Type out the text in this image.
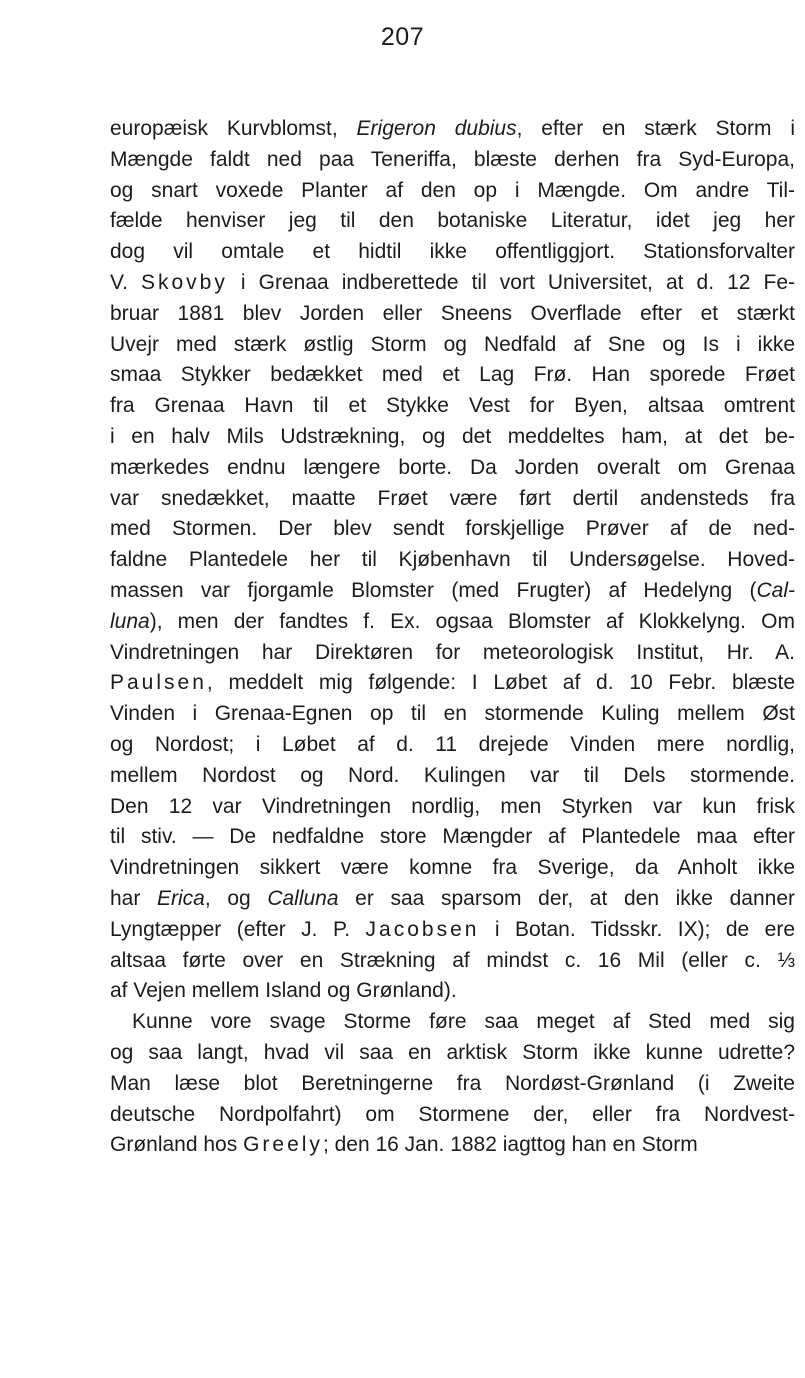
207
europæisk Kurvblomst, Erigeron dubius, efter en stærk Storm i
Mængde faldt ned paa Teneriffa, blæste derhen fra Syd-Europa,
og snart voxede Planter af den op i Mængde. Om andre Til-
fælde henviser jeg til den botaniske Literatur, idet jeg her
dog vil omtale et hidtil ikke offentliggjort. Stationsforvalter
V. Skovby i Grenaa indberettede til vort Universitet, at d. 12 Fe-
bruar 1881 blev Jorden eller Sneens Overflade efter et stærkt
Uvejr med stærk østlig Storm og Nedfald af Sne og Is i ikke
smaa Stykker bedækket med et Lag Frø. Han sporede Frøet
fra Grenaa Havn til et Stykke Vest for Byen, altsaa omtrent
i en halv Mils Udstrækning, og det meddeltes ham, at det be-
mærkedes endnu længere borte. Da Jorden overalt om Grenaa
var snedækket, maatte Frøet være ført dertil andensteds fra
med Stormen. Der blev sendt forskjellige Prøver af de ned-
faldne Plantedele her til Kjøbenhavn til Undersøgelse. Hoved-
massen var fjorgamle Blomster (med Frugter) af Hedelyng (Cal-
luna), men der fandtes f. Ex. ogsaa Blomster af Klokkelyng. Om
Vindretningen har Direktøren for meteorologisk Institut, Hr. A.
Paulsen, meddelt mig følgende: I Løbet af d. 10 Febr. blæste
Vinden i Grenaa-Egnen op til en stormende Kuling mellem Øst
og Nordost; i Løbet af d. 11 drejede Vinden mere nordlig,
mellem Nordost og Nord. Kulingen var til Dels stormende.
Den 12 var Vindretningen nordlig, men Styrken var kun frisk
til stiv. — De nedfaldne store Mængder af Plantedele maa efter
Vindretningen sikkert være komne fra Sverige, da Anholt ikke
har Erica, og Calluna er saa sparsom der, at den ikke danner
Lyngtæpper (efter J. P. Jacobsen i Botan. Tidsskr. IX); de ere
altsaa førte over en Strækning af mindst c. 16 Mil (eller c. ⅓
af Vejen mellem Island og Grønland).
Kunne vore svage Storme føre saa meget af Sted med sig
og saa langt, hvad vil saa en arktisk Storm ikke kunne udrette?
Man læse blot Beretningerne fra Nordøst-Grønland (i Zweite
deutsche Nordpolfahrt) om Stormene der, eller fra Nordvest-
Grønland hos Greely; den 16 Jan. 1882 iagttog han en Storm
